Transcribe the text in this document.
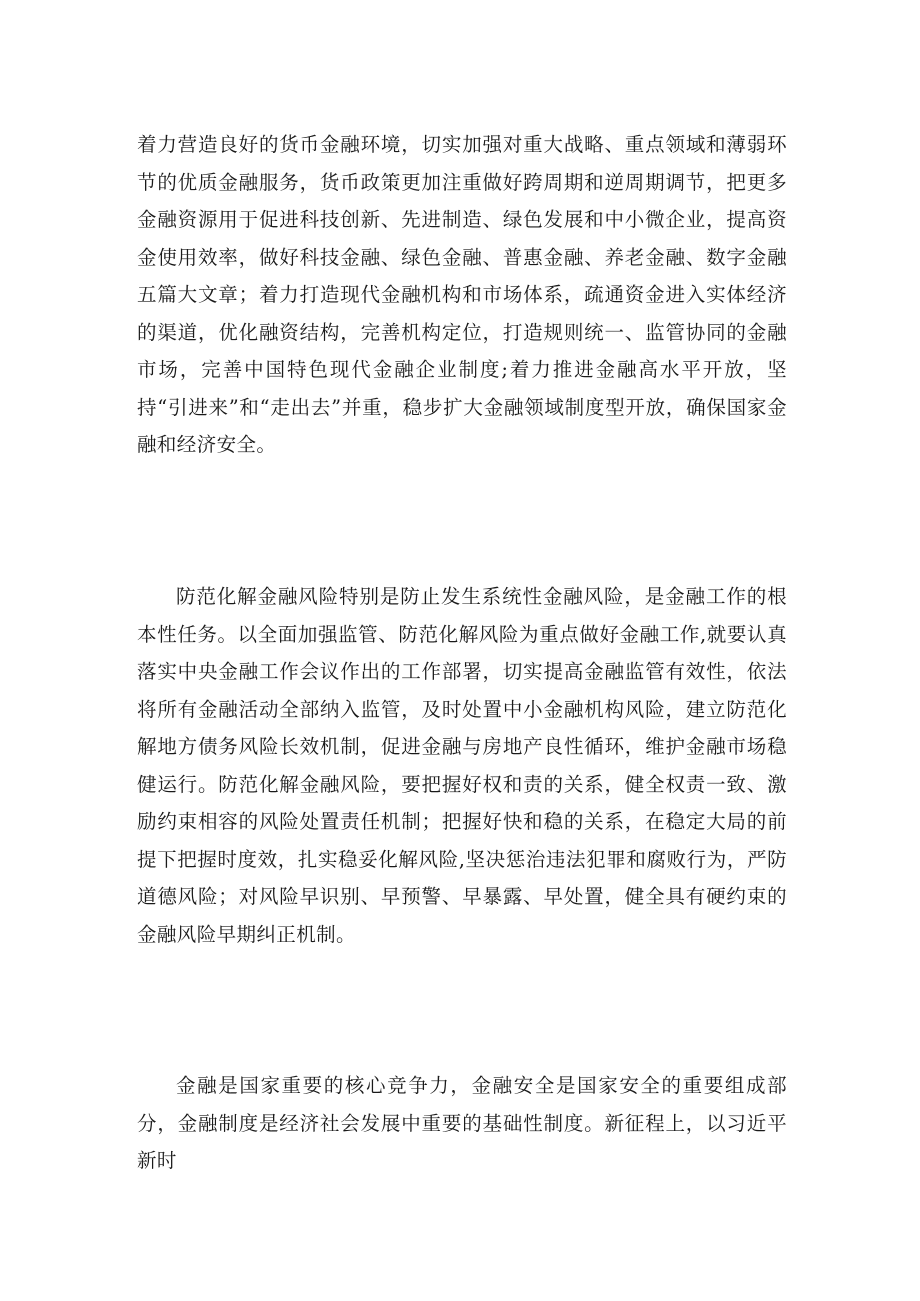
着力营造良好的货币金融环境，切实加强对重大战略、重点领域和薄弱环节的优质金融服务，货币政策更加注重做好跨周期和逆周期调节，把更多金融资源用于促进科技创新、先进制造、绿色发展和中小微企业，提高资金使用效率，做好科技金融、绿色金融、普惠金融、养老金融、数字金融五篇大文章；着力打造现代金融机构和市场体系，疏通资金进入实体经济的渠道，优化融资结构，完善机构定位，打造规则统一、监管协同的金融市场，完善中国特色现代金融企业制度;着力推进金融高水平开放，坚持“引进来”和“走出去”并重，稳步扩大金融领域制度型开放，确保国家金融和经济安全。

防范化解金融风险特别是防止发生系统性金融风险，是金融工作的根本性任务。以全面加强监管、防范化解风险为重点做好金融工作,就要认真落实中央金融工作会议作出的工作部署，切实提高金融监管有效性，依法将所有金融活动全部纳入监管，及时处置中小金融机构风险，建立防范化解地方债务风险长效机制，促进金融与房地产良性循环，维护金融市场稳健运行。防范化解金融风险，要把握好权和责的关系，健全权责一致、激励约束相容的风险处置责任机制；把握好快和稳的关系，在稳定大局的前提下把握时度效，扎实稳妥化解风险,坚决惩治违法犯罪和腐败行为，严防道德风险；对风险早识别、早预警、早暴露、早处置，健全具有硬约束的金融风险早期纠正机制。

金融是国家重要的核心竞争力，金融安全是国家安全的重要组成部分，金融制度是经济社会发展中重要的基础性制度。新征程上，以习近平新时
